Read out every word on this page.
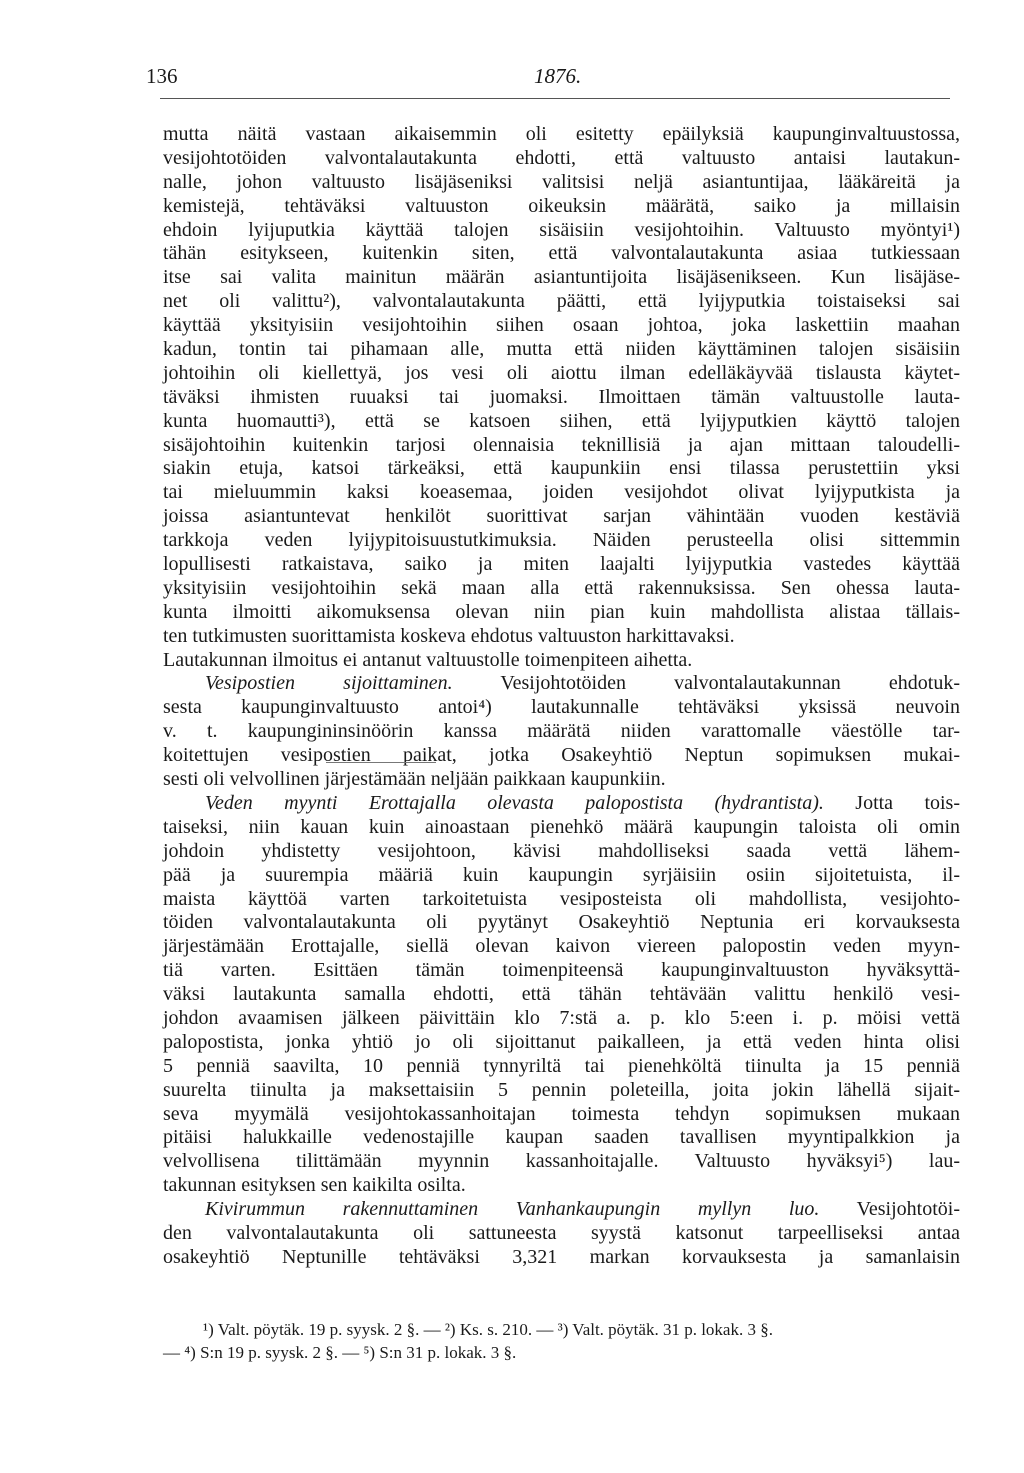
136	1876.
mutta näitä vastaan aikaisemmin oli esitetty epäilyksiä kaupunginvaltuustossa,
vesijohtotöiden valvontalautakunta ehdotti, että valtuusto antaisi lautakun-
nalle, johon valtuusto lisäjäseniksi valitsisi neljä asiantuntijaa, lääkäreitä ja
kemistejä, tehtäväksi valtuuston oikeuksin määrätä, saiko ja millaisin
ehdoin lyijuputkia käyttää talojen sisäisiin vesijohtoihin. Valtuusto myöntyi¹)
tähän esitykseen, kuitenkin siten, että valvontalautakunta asiaa tutkiessaan
itse sai valita mainitun määrän asiantuntijoita lisäjäsenikseen. Kun lisäjäse-
net oli valittu²), valvontalautakunta päätti, että lyijyputkia toistaiseksi sai
käyttää yksityisiin vesijohtoihin siihen osaan johtoa, joka laskettiin maahan
kadun, tontin tai pihamaan alle, mutta että niiden käyttäminen talojen sisäisiin
johtoihin oli kiellettyä, jos vesi oli aiottu ilman edelläkäyvää tislausta käytet-
täväksi ihmisten ruuaksi tai juomaksi. Ilmoittaen tämän valtuustolle lauta-
kunta huomautti³), että se katsoen siihen, että lyijyputkien käyttö talojen
sisäjohtoihin kuitenkin tarjosi olennaisia teknillisiä ja ajan mittaan taloudelli-
siakin etuja, katsoi tärkeäksi, että kaupunkiin ensi tilassa perustettiin yksi
tai mieluummin kaksi koeasemaa, joiden vesijohdot olivat lyijyputkista ja
joissa asiantuntevat henkilöt suorittivat sarjan vähintään vuoden kestäviä
tarkkoja veden lyijypitoisuustutkimuksia. Näiden perusteella olisi sittemmin
lopullisesti ratkaistava, saiko ja miten laajalti lyijyputkia vastedes käyttää
yksityisiin vesijohtoihin sekä maan alla että rakennuksissa. Sen ohessa lauta-
kunta ilmoitti aikomuksensa olevan niin pian kuin mahdollista alistaa tällais-
ten tutkimusten suorittamista koskeva ehdotus valtuuston harkittavaksi.
Lautakunnan ilmoitus ei antanut valtuustolle toimenpiteen aihetta.
Vesipostien sijoittaminen. Vesijohtotöiden valvontalautakunnan ehdotuk-
sesta kaupunginvaltuusto antoi⁴) lautakunnalle tehtäväksi yksissä neuvoin
v. t. kaupungininsinöörin kanssa määrätä niiden varattomalle väestölle tar-
koitettujen vesipostien paikat, jotka Osakeyhtiö Neptun sopimuksen mukai-
sesti oli velvollinen järjestämään neljään paikkaan kaupunkiin.
Veden myynti Erottajalla olevasta palopostista (hydrantista). Jotta tois-
taiseksi, niin kauan kuin ainoastaan pienehkö määrä kaupungin taloista oli omin
johdoin yhdistetty vesijohtoon, kävisi mahdolliseksi saada vettä lähem-
pää ja suurempia määriä kuin kaupungin syrjäisiin osiin sijoitetuista, il-
maista käyttöä varten tarkoitetuista vesiposteista oli mahdollista, vesijohto-
töiden valvontalautakunta oli pyytänyt Osakeyhtiö Neptunia eri korvauksesta
järjestämään Erottajalle, siellä olevan kaivon viereen palopostin veden myyn-
tiä varten. Esittäen tämän toimenpiteensä kaupunginvaltuuston hyväksyttä-
väksi lautakunta samalla ehdotti, että tähän tehtävään valittu henkilö vesi-
johdon avaamisen jälkeen päivittäin klo 7:stä a. p. klo 5:een i. p. möisi vettä
palopostista, jonka yhtiö jo oli sijoittanut paikalleen, ja että veden hinta olisi
5 penniä saavilta, 10 penniä tynnyriltä tai pienehköltä tiinulta ja 15 penniä
suurelta tiinulta ja maksettaisiin 5 pennin poleteilla, joita jokin lähellä sijait-
seva myymälä vesijohtokassanhoitajan toimesta tehdyn sopimuksen mukaan
pitäisi halukkaille vedenostajille kaupan saaden tavallisen myyntipalkkion ja
velvollisena tilittämään myynnin kassanhoitajalle. Valtuusto hyväksyi⁵) lau-
takunnan esityksen sen kaikilta osilta.
Kivirummun rakennuttaminen Vanhankaupungin myllyn luo. Vesijohtotöi-
den valvontalautakunta oli sattuneesta syystä katsonut tarpeelliseksi antaa
osakeyhtiö Neptunille tehtäväksi 3,321 markan korvauksesta ja samanlaisin
¹) Valt. pöytäk. 19 p. syysk. 2 §. — ²) Ks. s. 210. — ³) Valt. pöytäk. 31 p. lokak. 3 §.
— ⁴) S:n 19 p. syysk. 2 §. — ⁵) S:n 31 p. lokak. 3 §.
